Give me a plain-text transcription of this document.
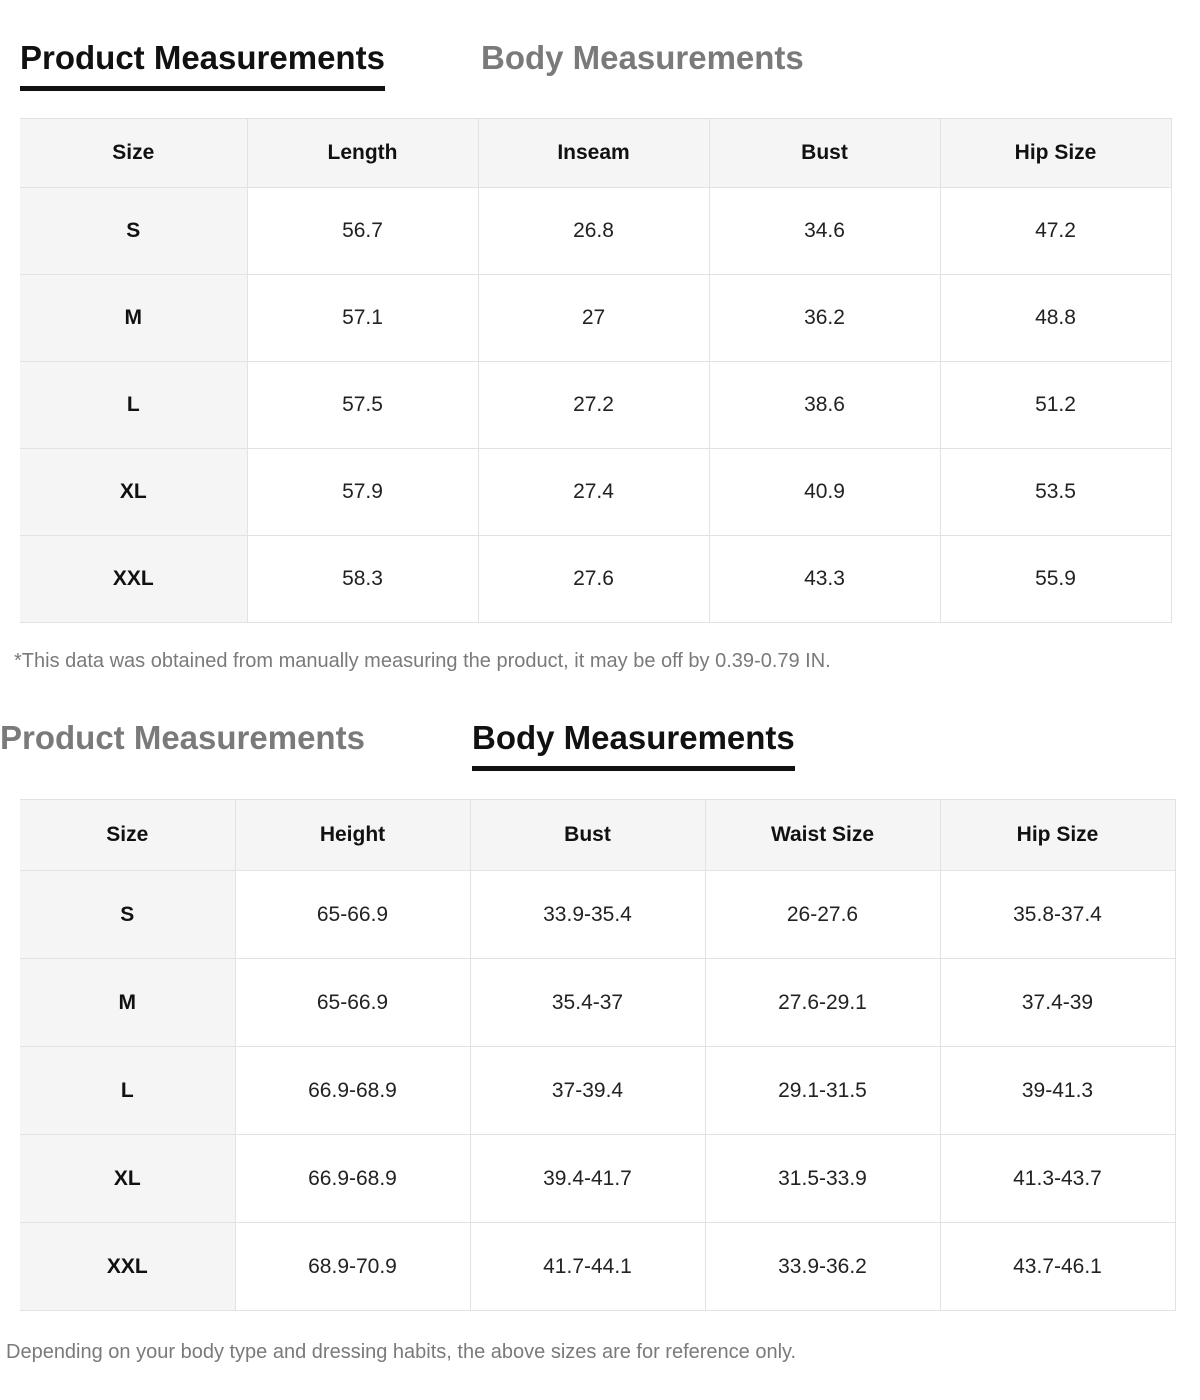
Product Measurements	Body Measurements
Size	Length	Inseam	Bust	Hip Size
S	56.7	26.8	34.6	47.2
M	57.1	27	36.2	48.8
L	57.5	27.2	38.6	51.2
XL	57.9	27.4	40.9	53.5
XXL	58.3	27.6	43.3	55.9
*This data was obtained from manually measuring the product, it may be off by 0.39-0.79 IN.
Product Measurements	Body Measurements
Size	Height	Bust	Waist Size	Hip Size
S	65-66.9	33.9-35.4	26-27.6	35.8-37.4
M	65-66.9	35.4-37	27.6-29.1	37.4-39
L	66.9-68.9	37-39.4	29.1-31.5	39-41.3
XL	66.9-68.9	39.4-41.7	31.5-33.9	41.3-43.7
XXL	68.9-70.9	41.7-44.1	33.9-36.2	43.7-46.1
Depending on your body type and dressing habits, the above sizes are for reference only.
